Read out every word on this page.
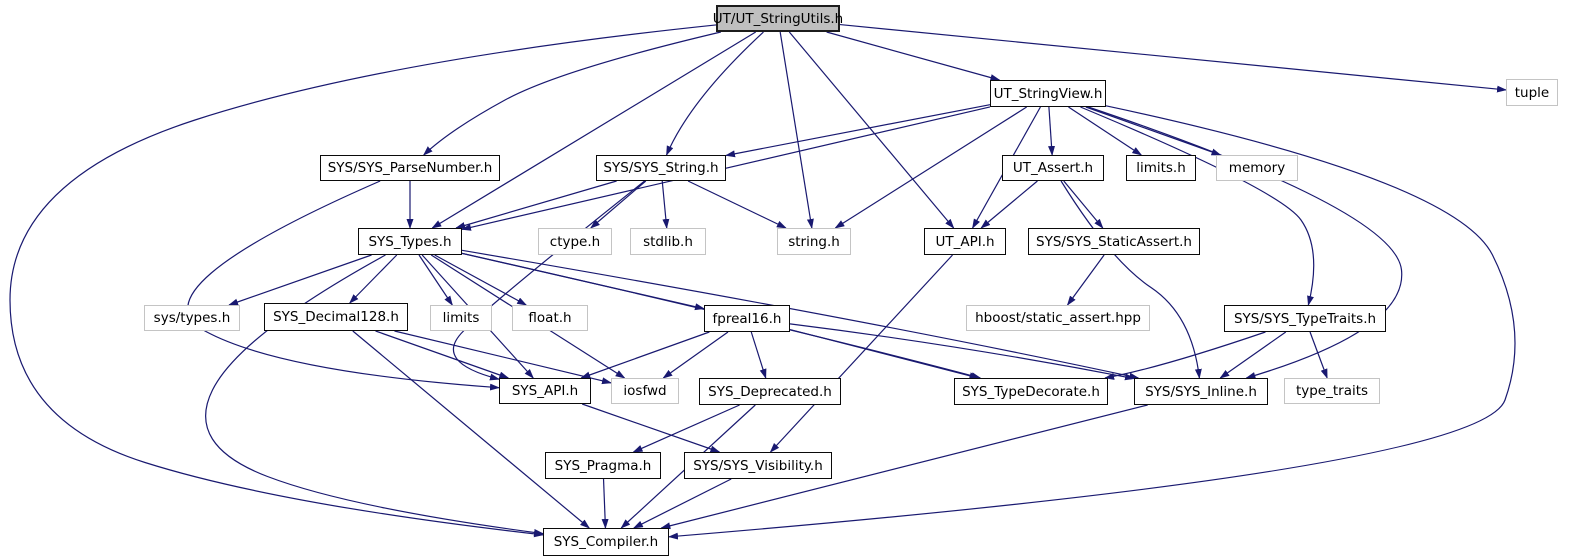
UT/UT_StringUtils.h
UT_StringView.h	tuple
SYS/SYS_ParseNumber.h	SYS/SYS_String.h	UT_Assert.h	limits.h	memory
SYS_Types.h	ctype.h	stdlib.h	string.h	UT_API.h	SYS/SYS_StaticAssert.h
sys/types.h	SYS_Decimal128.h	limits	float.h	fpreal16.h	hboost/static_assert.hpp	SYS/SYS_TypeTraits.h
SYS_API.h	iosfwd	SYS_Deprecated.h	SYS_TypeDecorate.h	SYS/SYS_Inline.h	type_traits
SYS_Pragma.h	SYS/SYS_Visibility.h
SYS_Compiler.h
